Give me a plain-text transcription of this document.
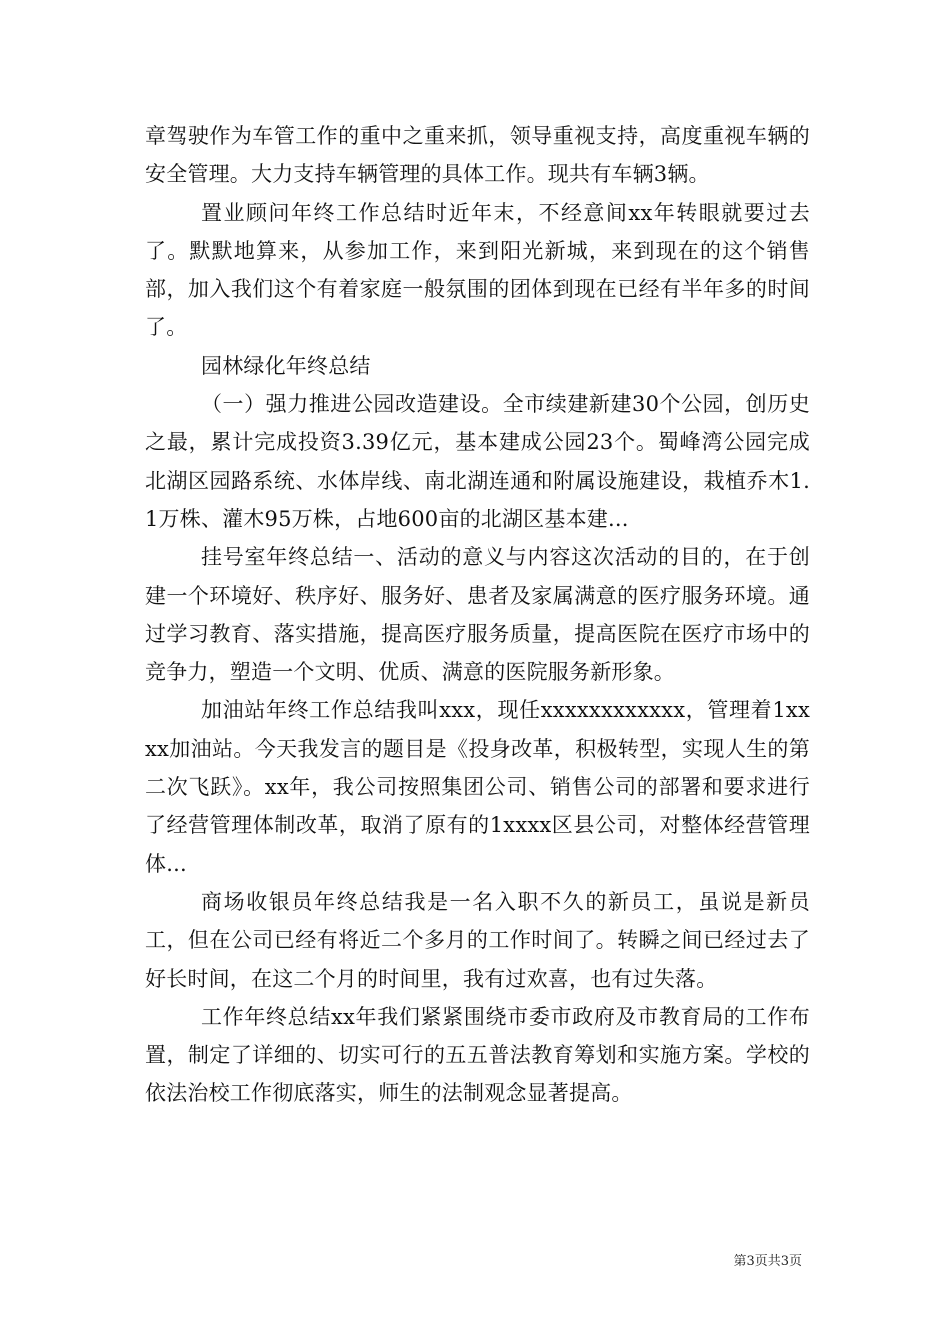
章驾驶作为车管工作的重中之重来抓，领导重视支持，高度重视车辆的安全管理。大力支持车辆管理的具体工作。现共有车辆3辆。

置业顾问年终工作总结时近年末，不经意间xx年转眼就要过去了。默默地算来，从参加工作，来到阳光新城，来到现在的这个销售部，加入我们这个有着家庭一般氛围的团体到现在已经有半年多的时间了。

园林绿化年终总结

（一）强力推进公园改造建设。全市续建新建30个公园，创历史之最，累计完成投资3.39亿元，基本建成公园23个。蜀峰湾公园完成北湖区园路系统、水体岸线、南北湖连通和附属设施建设，栽植乔木1.1万株、灌木95万株，占地600亩的北湖区基本建...

挂号室年终总结一、活动的意义与内容这次活动的目的，在于创建一个环境好、秩序好、服务好、患者及家属满意的医疗服务环境。通过学习教育、落实措施，提高医疗服务质量，提高医院在医疗市场中的竞争力，塑造一个文明、优质、满意的医院服务新形象。

加油站年终工作总结我叫xxx，现任xxxxxxxxxxxx，管理着1xxxx加油站。今天我发言的题目是《投身改革，积极转型，实现人生的第二次飞跃》。xx年，我公司按照集团公司、销售公司的部署和要求进行了经营管理体制改革，取消了原有的1xxxx区县公司，对整体经营管理体...

商场收银员年终总结我是一名入职不久的新员工，虽说是新员工，但在公司已经有将近二个多月的工作时间了。转瞬之间已经过去了好长时间，在这二个月的时间里，我有过欢喜，也有过失落。

工作年终总结xx年我们紧紧围绕市委市政府及市教育局的工作布置，制定了详细的、切实可行的五五普法教育筹划和实施方案。学校的依法治校工作彻底落实，师生的法制观念显著提高。

第3页共3页
